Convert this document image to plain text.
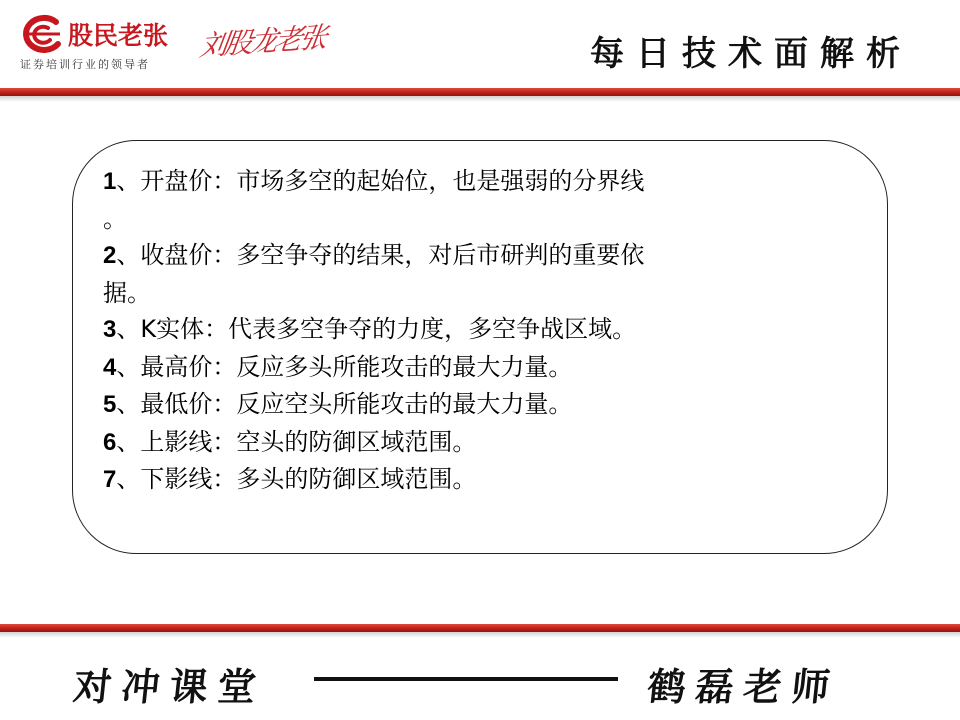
股民老张
证券培训行业的领导者
刘股龙老张	每日技术面解析
1、开盘价：市场多空的起始位，也是强弱的分界线
。
2、收盘价：多空争夺的结果，对后市研判的重要依
据。
3、K实体：代表多空争夺的力度，多空争战区域。
4、最高价：反应多头所能攻击的最大力量。
5、最低价：反应空头所能攻击的最大力量。
6、上影线：空头的防御区域范围。
7、下影线：多头的防御区域范围。
对冲课堂	鹤磊老师
